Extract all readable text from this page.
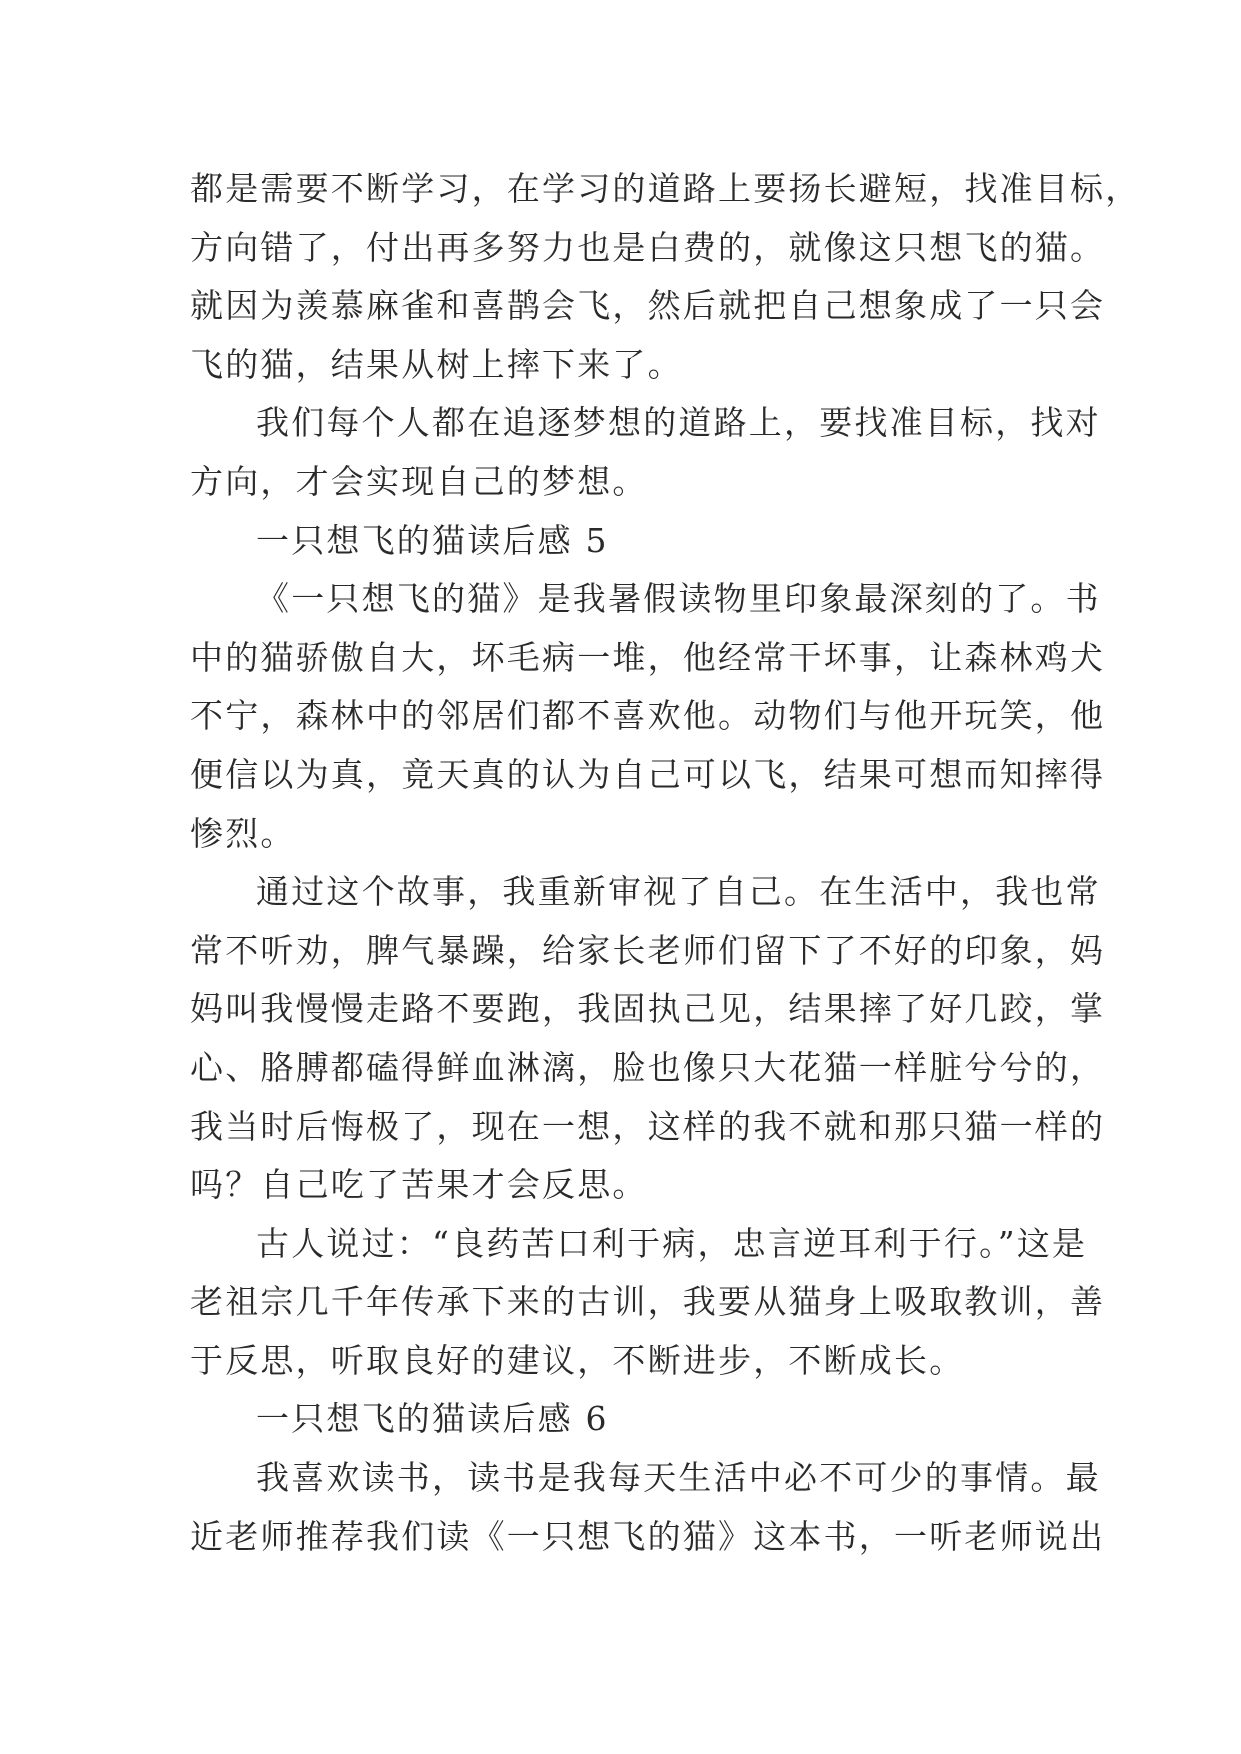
都是需要不断学习，在学习的道路上要扬长避短，找准目标，
方向错了，付出再多努力也是白费的，就像这只想飞的猫。
就因为羡慕麻雀和喜鹊会飞，然后就把自己想象成了一只会
飞的猫，结果从树上摔下来了。
我们每个人都在追逐梦想的道路上，要找准目标，找对
方向，才会实现自己的梦想。
一只想飞的猫读后感 5
《一只想飞的猫》是我暑假读物里印象最深刻的了。书
中的猫骄傲自大，坏毛病一堆，他经常干坏事，让森林鸡犬
不宁，森林中的邻居们都不喜欢他。动物们与他开玩笑，他
便信以为真，竟天真的认为自己可以飞，结果可想而知摔得
惨烈。
通过这个故事，我重新审视了自己。在生活中，我也常
常不听劝，脾气暴躁，给家长老师们留下了不好的印象，妈
妈叫我慢慢走路不要跑，我固执己见，结果摔了好几跤，掌
心、胳膊都磕得鲜血淋漓，脸也像只大花猫一样脏兮兮的，
我当时后悔极了，现在一想，这样的我不就和那只猫一样的
吗？自己吃了苦果才会反思。
古人说过：“良药苦口利于病，忠言逆耳利于行。”这是
老祖宗几千年传承下来的古训，我要从猫身上吸取教训，善
于反思，听取良好的建议，不断进步，不断成长。
一只想飞的猫读后感 6
我喜欢读书，读书是我每天生活中必不可少的事情。最
近老师推荐我们读《一只想飞的猫》这本书，一听老师说出
